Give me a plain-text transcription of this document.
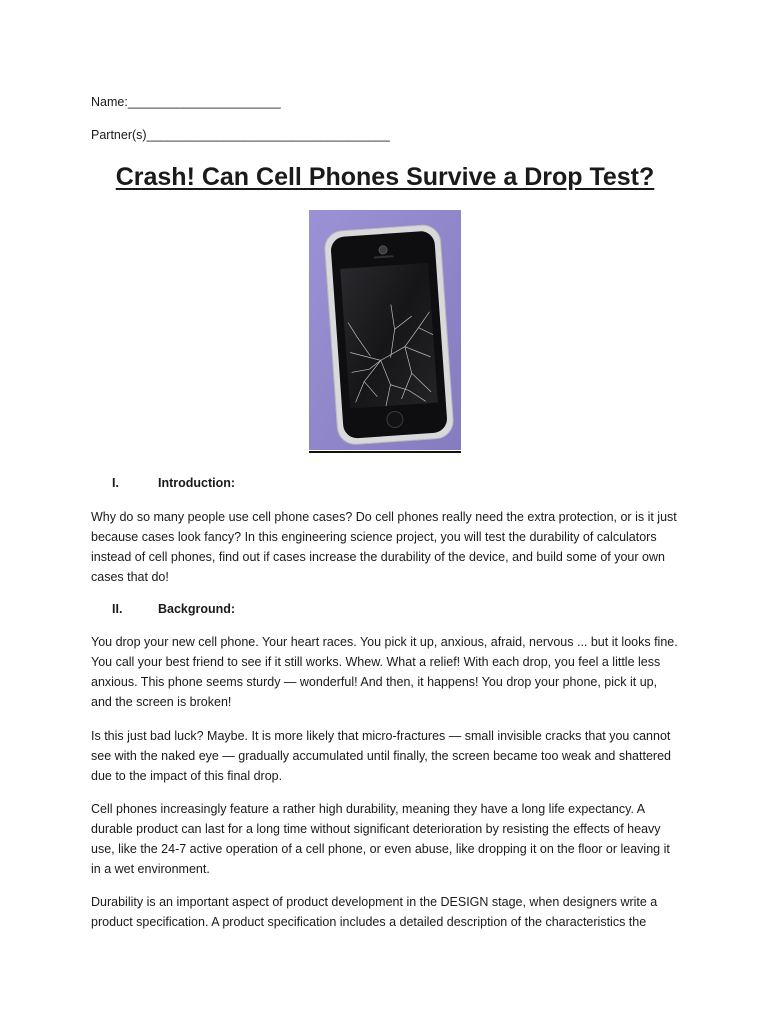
Name:______________________
Partner(s)___________________________________
Crash! Can Cell Phones Survive a Drop Test?
I.	Introduction:

Why do so many people use cell phone cases? Do cell phones really need the extra protection, or is it just because cases look fancy? In this engineering science project, you will test the durability of calculators instead of cell phones, find out if cases increase the durability of the device, and build some of your own cases that do!

II.	Background:

You drop your new cell phone. Your heart races. You pick it up, anxious, afraid, nervous ... but it looks fine. You call your best friend to see if it still works. Whew. What a relief! With each drop, you feel a little less anxious. This phone seems sturdy — wonderful! And then, it happens! You drop your phone, pick it up, and the screen is broken!

Is this just bad luck? Maybe. It is more likely that micro-fractures — small invisible cracks that you cannot see with the naked eye — gradually accumulated until finally, the screen became too weak and shattered due to the impact of this final drop.

Cell phones increasingly feature a rather high durability, meaning they have a long life expectancy. A durable product can last for a long time without significant deterioration by resisting the effects of heavy use, like the 24-7 active operation of a cell phone, or even abuse, like dropping it on the floor or leaving it in a wet environment.

Durability is an important aspect of product development in the DESIGN stage, when designers write a product specification. A product specification includes a detailed description of the characteristics the
